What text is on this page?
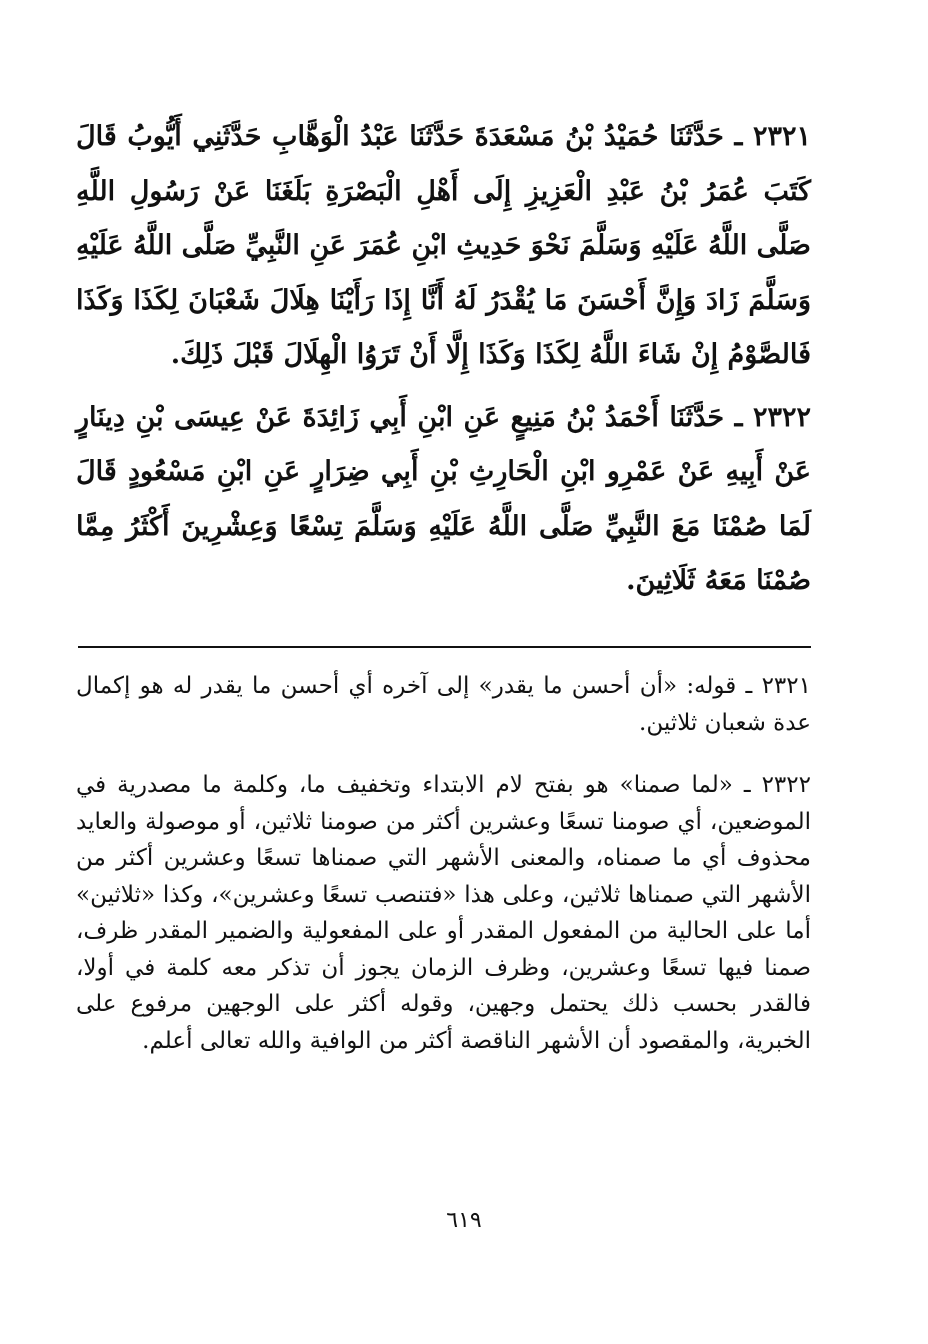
٢٣٢١ ـ حَدَّثَنَا حُمَيْدُ بْنُ مَسْعَدَةَ حَدَّثَنَا عَبْدُ الْوَهَّابِ حَدَّثَنِي أَيُّوبُ قَالَ كَتَبَ عُمَرُ بْنُ عَبْدِ الْعَزِيزِ إِلَى أَهْلِ الْبَصْرَةِ بَلَغَنَا عَنْ رَسُولِ اللَّهِ صَلَّى اللَّهُ عَلَيْهِ وَسَلَّمَ نَحْوَ حَدِيثِ ابْنِ عُمَرَ عَنِ النَّبِيِّ صَلَّى اللَّهُ عَلَيْهِ وَسَلَّمَ زَادَ وَإِنَّ أَحْسَنَ مَا يُقْدَرُ لَهُ أَنَّا إِذَا رَأَيْنَا هِلَالَ شَعْبَانَ لِكَذَا وَكَذَا فَالصَّوْمُ إِنْ شَاءَ اللَّهُ لِكَذَا وَكَذَا إِلَّا أَنْ تَرَوُا الْهِلَالَ قَبْلَ ذَلِكَ.

٢٣٢٢ ـ حَدَّثَنَا أَحْمَدُ بْنُ مَنِيعٍ عَنِ ابْنِ أَبِي زَائِدَةَ عَنْ عِيسَى بْنِ دِينَارٍ عَنْ أَبِيهِ عَنْ عَمْرِو ابْنِ الْحَارِثِ بْنِ أَبِي ضِرَارٍ عَنِ ابْنِ مَسْعُودٍ قَالَ لَمَا صُمْنَا مَعَ النَّبِيِّ صَلَّى اللَّهُ عَلَيْهِ وَسَلَّمَ تِسْعًا وَعِشْرِينَ أَكْثَرُ مِمَّا صُمْنَا مَعَهُ ثَلَاثِينَ.

٢٣٢١ ـ قوله: «أن أحسن ما يقدر» إلى آخره أي أحسن ما يقدر له هو إكمال عدة شعبان ثلاثين.

٢٣٢٢ ـ «لما صمنا» هو بفتح لام الابتداء وتخفيف ما، وكلمة ما مصدرية في الموضعين، أي صومنا تسعًا وعشرين أكثر من صومنا ثلاثين، أو موصولة والعايد محذوف أي ما صمناه، والمعنى الأشهر التي صمناها تسعًا وعشرين أكثر من الأشهر التي صمناها ثلاثين، وعلى هذا «فتنصب تسعًا وعشرين»، وكذا «ثلاثين» أما على الحالية من المفعول المقدر أو على المفعولية والضمير المقدر ظرف، صمنا فيها تسعًا وعشرين، وظرف الزمان يجوز أن تذكر معه كلمة في أولا، فالقدر بحسب ذلك يحتمل وجهين، وقوله أكثر على الوجهين مرفوع على الخبرية، والمقصود أن الأشهر الناقصة أكثر من الوافية والله تعالى أعلم.

٦١٩
